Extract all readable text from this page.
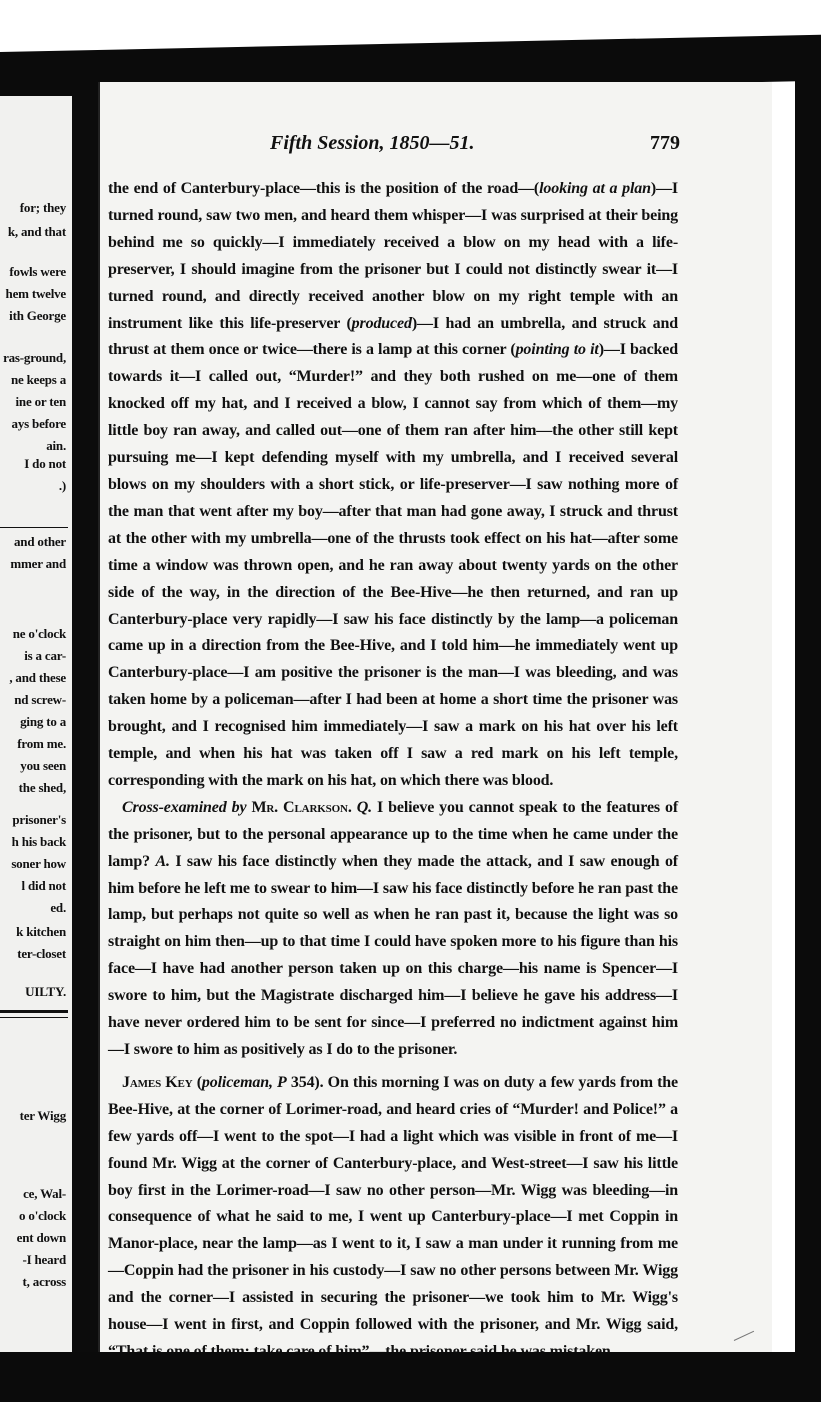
for; they
k, and that
fowls were
hem twelve
ith George
ras-ground,
ne keeps a
ine or ten
ays before
ain.
I do not
.)
and other
mmer and
ne o'clock
is a car-
, and these
nd screw-
ging to a
from me.
you seen
the shed,
prisoner's
h his back
soner how
l did not
ed.
k kitchen
ter-closet
UILTY.
ter Wigg
ce, Wal-
o o'clock
ent down
-I heard
t, across
Fifth Session, 1850—51.	779

the end of Canterbury-place—this is the position of the road—(looking at a plan)—I turned round, saw two men, and heard them whisper—I was surprised at their being behind me so quickly—I immediately received a blow on my head with a life-preserver, I should imagine from the prisoner but I could not distinctly swear it—I turned round, and directly received another blow on my right temple with an instrument like this life-preserver (produced)—I had an umbrella, and struck and thrust at them once or twice—there is a lamp at this corner (pointing to it)—I backed towards it—I called out, “Murder!” and they both rushed on me—one of them knocked off my hat, and I received a blow, I cannot say from which of them—my little boy ran away, and called out—one of them ran after him—the other still kept pursuing me—I kept defending myself with my umbrella, and I received several blows on my shoulders with a short stick, or life-preserver—I saw nothing more of the man that went after my boy—after that man had gone away, I struck and thrust at the other with my umbrella—one of the thrusts took effect on his hat—after some time a window was thrown open, and he ran away about twenty yards on the other side of the way, in the direction of the Bee-Hive—he then returned, and ran up Canterbury-place very rapidly—I saw his face distinctly by the lamp—a policeman came up in a direction from the Bee-Hive, and I told him—he immediately went up Canterbury-place—I am positive the prisoner is the man—I was bleeding, and was taken home by a policeman—after I had been at home a short time the prisoner was brought, and I recognised him immediately—I saw a mark on his hat over his left temple, and when his hat was taken off I saw a red mark on his left temple, corresponding with the mark on his hat, on which there was blood.

Cross-examined by Mr. Clarkson. Q. I believe you cannot speak to the features of the prisoner, but to the personal appearance up to the time when he came under the lamp? A. I saw his face distinctly when they made the attack, and I saw enough of him before he left me to swear to him—I saw his face distinctly before he ran past the lamp, but perhaps not quite so well as when he ran past it, because the light was so straight on him then—up to that time I could have spoken more to his figure than his face—I have had another person taken up on this charge—his name is Spencer—I swore to him, but the Magistrate discharged him—I believe he gave his address—I have never ordered him to be sent for since—I preferred no indictment against him—I swore to him as positively as I do to the prisoner.

James Key (policeman, P 354). On this morning I was on duty a few yards from the Bee-Hive, at the corner of Lorimer-road, and heard cries of “Murder! and Police!” a few yards off—I went to the spot—I had a light which was visible in front of me—I found Mr. Wigg at the corner of Canterbury-place, and West-street—I saw his little boy first in the Lorimer-road—I saw no other person—Mr. Wigg was bleeding—in consequence of what he said to me, I went up Canterbury-place—I met Coppin in Manor-place, near the lamp—as I went to it, I saw a man under it running from me—Coppin had the prisoner in his custody—I saw no other persons between Mr. Wigg and the corner—I assisted in securing the prisoner—we took him to Mr. Wigg's house—I went in first, and Coppin followed with the prisoner, and Mr. Wigg said,
